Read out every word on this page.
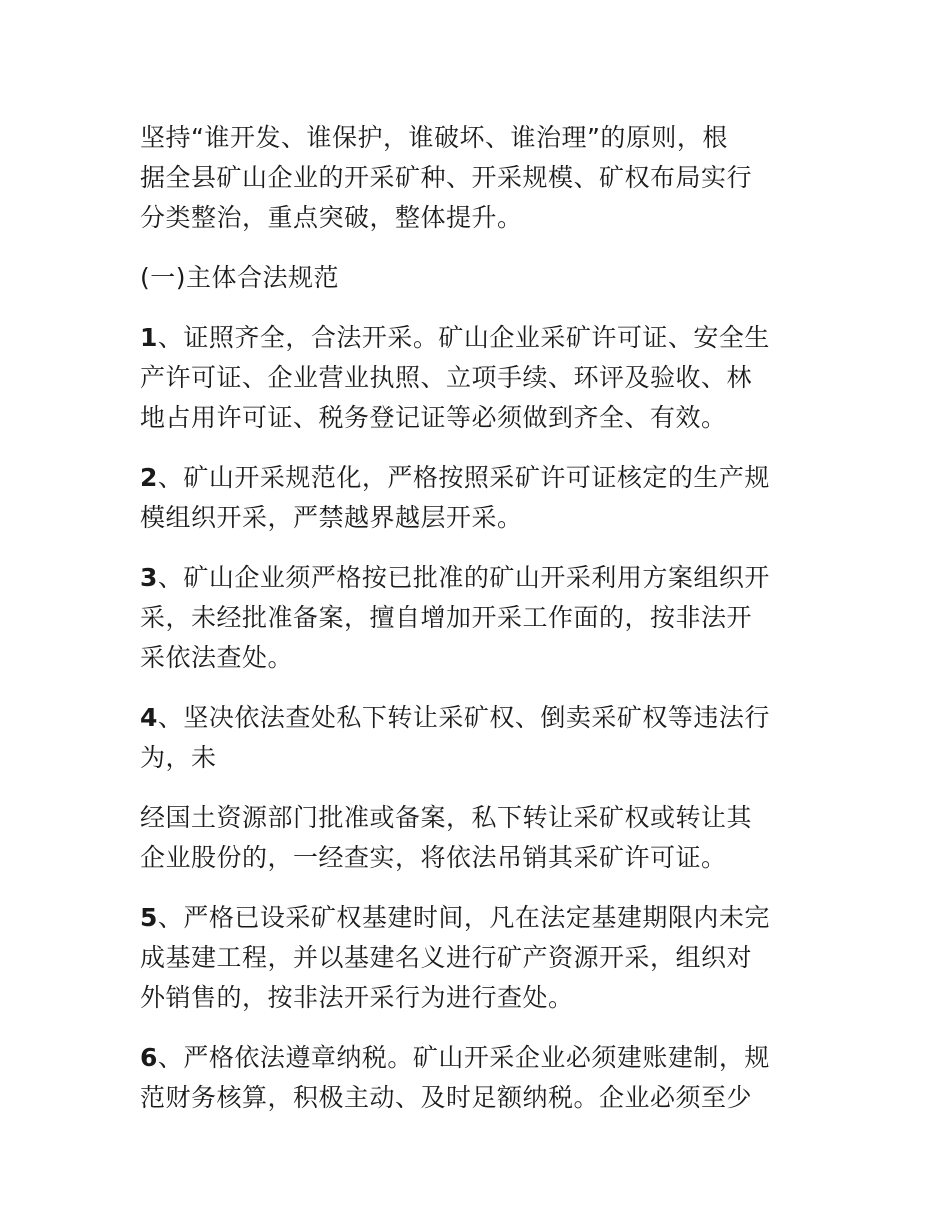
坚持“谁开发、谁保护，谁破坏、谁治理”的原则，根
据全县矿山企业的开采矿种、开采规模、矿权布局实行
分类整治，重点突破，整体提升。

(一)主体合法规范

1、证照齐全，合法开采。矿山企业采矿许可证、安全生
产许可证、企业营业执照、立项手续、环评及验收、林
地占用许可证、税务登记证等必须做到齐全、有效。

2、矿山开采规范化，严格按照采矿许可证核定的生产规
模组织开采，严禁越界越层开采。

3、矿山企业须严格按已批准的矿山开采利用方案组织开
采，未经批准备案，擅自增加开采工作面的，按非法开
采依法查处。

4、坚决依法查处私下转让采矿权、倒卖采矿权等违法行
为，未

经国土资源部门批准或备案，私下转让采矿权或转让其
企业股份的，一经查实，将依法吊销其采矿许可证。

5、严格已设采矿权基建时间，凡在法定基建期限内未完
成基建工程，并以基建名义进行矿产资源开采，组织对
外销售的，按非法开采行为进行查处。

6、严格依法遵章纳税。矿山开采企业必须建账建制，规
范财务核算，积极主动、及时足额纳税。企业必须至少
